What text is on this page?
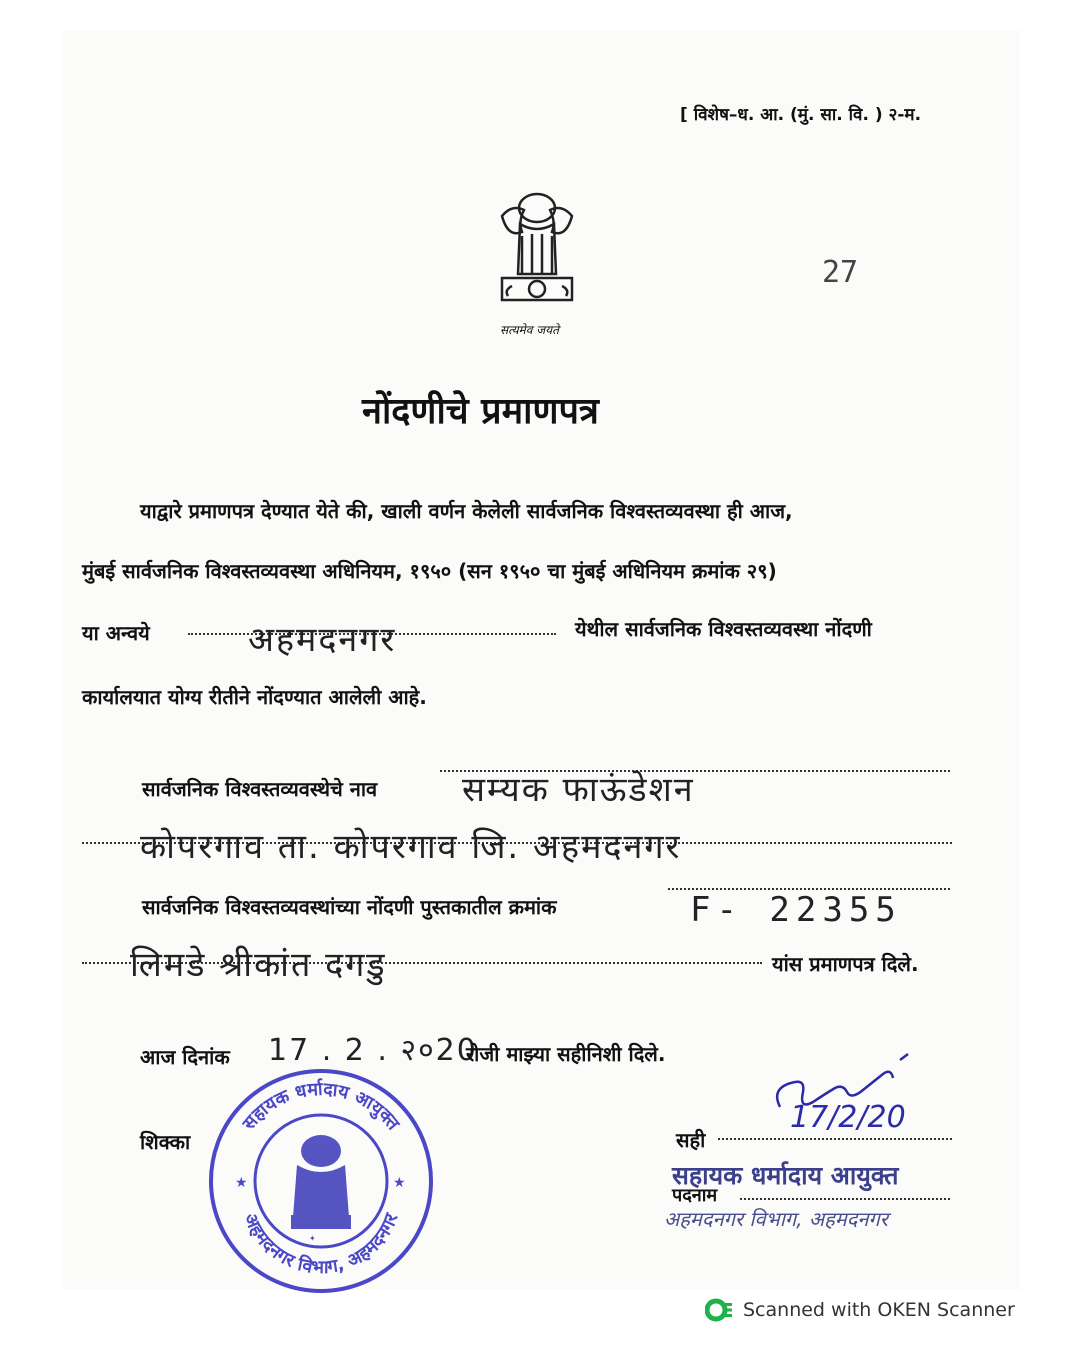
[ विशेष–ध. आ. (मुं. सा. वि. ) २-म.
सत्यमेव जयते
27
नोंदणीचे प्रमाणपत्र
याद्वारे प्रमाणपत्र देण्यात येते की, खाली वर्णन केलेली सार्वजनिक विश्वस्तव्यवस्था ही आज,
मुंबई सार्वजनिक विश्वस्तव्यवस्था अधिनियम, १९५० (सन १९५० चा मुंबई अधिनियम क्रमांक २९)
या अन्वये	अहमदनगर	येथील सार्वजनिक विश्वस्तव्यवस्था नोंदणी
कार्यालयात योग्य रीतीने नोंदण्यात आलेली आहे.
सार्वजनिक विश्वस्तव्यवस्थेचे नाव सम्यक फाऊंडेशन
कोपरगाव ता. कोपरगाव जि. अहमदनगर
सार्वजनिक विश्वस्तव्यवस्थांच्या नोंदणी पुस्तकातील क्रमांक	F- 22355
लिमडे श्रीकांत दगडु	यांस प्रमाणपत्र दिले.
आज दिनांक 17 . 2 . २०20
रोजी माझ्या सहीनिशी दिले.
शिक्का
सहायक धर्मादाय आयुक्त
अहमदनगर विभाग, अहमदनगर
✦
★	★
सही
17/2/20
सहायक धर्मादाय आयुक्त
पदनाम
अहमदनगर विभाग, अहमदनगर
Scanned with OKEN Scanner
